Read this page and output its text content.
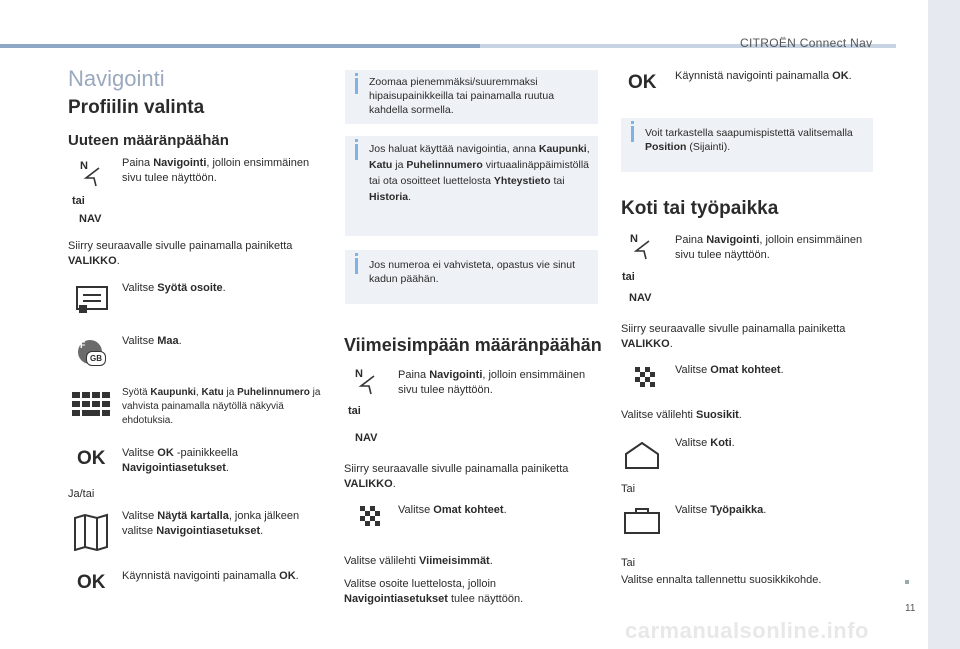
CITROËN Connect Nav
11
carmanualsonline.info
Navigointi
Profiilin valinta
Uuteen määränpäähän
N
tai
NAV
Paina Navigointi, jolloin ensimmäinen sivu tulee näyttöön.
Siirry seuraavalle sivulle painamalla painiketta VALIKKO.
Valitse Syötä osoite.
F
GB
Valitse Maa.
Syötä Kaupunki, Katu ja Puhelinnumero ja vahvista painamalla näytöllä näkyviä ehdotuksia.
OK Valitse OK -painikkeella Navigointiasetukset.
Ja/tai
Valitse Näytä kartalla, jonka jälkeen valitse Navigointiasetukset.
OK Käynnistä navigointi painamalla OK.
Zoomaa pienemmäksi/suuremmaksi hipaisupainikkeilla tai painamalla ruutua kahdella sormella.
Jos haluat käyttää navigointia, anna Kaupunki, Katu ja Puhelinnumero virtuaalinäppäimistöllä tai ota osoitteet luettelosta Yhteystieto tai Historia.
Jos numeroa ei vahvisteta, opastus vie sinut kadun päähän.
Viimeisimpään määränpäähän
N
tai
NAV
Paina Navigointi, jolloin ensimmäinen sivu tulee näyttöön.
Siirry seuraavalle sivulle painamalla painiketta VALIKKO.
Valitse Omat kohteet.
Valitse välilehti Viimeisimmät.
Valitse osoite luettelosta, jolloin Navigointiasetukset tulee näyttöön.
OK Käynnistä navigointi painamalla OK.
Voit tarkastella saapumispistettä valitsemalla Position (Sijainti).
Koti tai työpaikka
N
tai
NAV
Paina Navigointi, jolloin ensimmäinen sivu tulee näyttöön.
Siirry seuraavalle sivulle painamalla painiketta VALIKKO.
Valitse Omat kohteet.
Valitse välilehti Suosikit.
Valitse Koti.
Tai
Valitse Työpaikka.
Tai
Valitse ennalta tallennettu suosikkikohde.
